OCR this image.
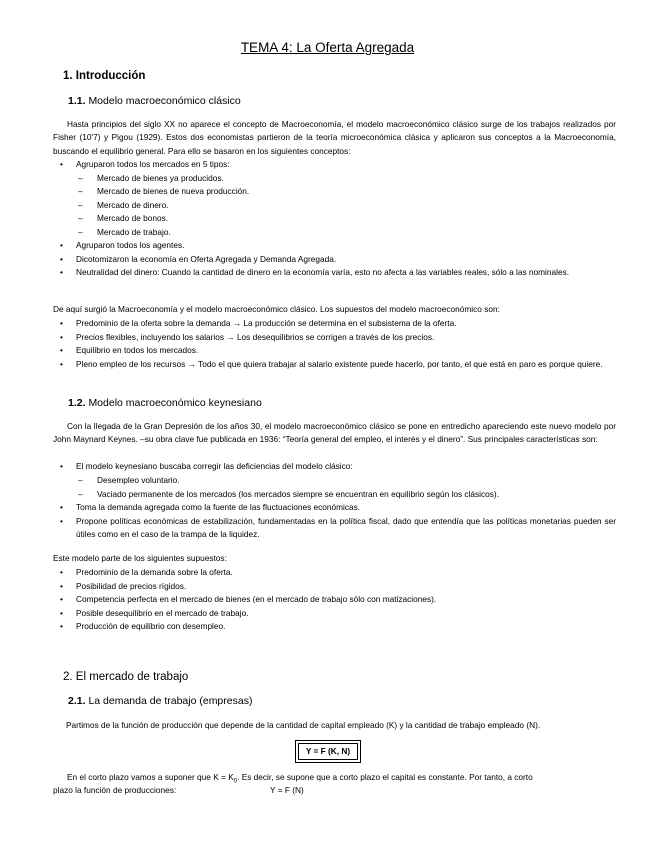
TEMA 4: La Oferta Agregada
1. Introducción
1.1. Modelo macroeconómico clásico
Hasta principios del siglo XX no aparece el concepto de Macroeconomía, el modelo macroeconómico clásico surge de los trabajos realizados por Fisher (10'7) y Pigou (1929). Estos dos economistas partieron de la teoría microeconómica clásica y aplicaron sus conceptos a la Macroeconomía, buscando el equilibrio general. Para ello se basaron en los siguientes conceptos:
• Agruparon todos los mercados en 5 tipos:
– Mercado de bienes ya producidos.
– Mercado de bienes de nueva producción.
– Mercado de dinero.
– Mercado de bonos.
– Mercado de trabajo.
• Agruparon todos los agentes.
• Dicotomizaron la economía en Oferta Agregada y Demanda Agregada.
• Neutralidad del dinero: Cuando la cantidad de dinero en la economía varía, esto no afecta a las variables reales, sólo a las nominales.
De aquí surgió la Macroeconomía y el modelo macroeconómico clásico. Los supuestos del modelo macroeconómico son:
• Predominio de la oferta sobre la demanda → La producción se determina en el subsistema de la oferta.
• Precios flexibles, incluyendo los salarios → Los desequilibrios se corrigen a través de los precios.
• Equilibrio en todos los mercados.
• Pleno empleo de los recursos → Todo el que quiera trabajar al salario existente puede hacerlo, por tanto, el que está en paro es porque quiere.
1.2. Modelo macroeconómico keynesiano
Con la llegada de la Gran Depresión de los años 30, el modelo macroeconómico clásico se pone en entredicho apareciendo este nuevo modelo por John Maynard Keynes. –su obra clave fue publicada en 1936: “Teoría general del empleo, el interés y el dinero”. Sus principales características son:
• El modelo keynesiano buscaba corregir las deficiencias del modelo clásico:
– Desempleo voluntario.
– Vaciado permanente de los mercados (los mercados siempre se encuentran en equilibrio según los clásicos).
• Toma la demanda agregada como la fuente de las fluctuaciones económicas.
• Propone políticas económicas de estabilización, fundamentadas en la política fiscal, dado que entendía que las políticas monetarias pueden ser útiles como en el caso de la trampa de la liquidez.
Este modelo parte de los siguientes supuestos:
• Predominio de la demanda sobre la oferta.
• Posibilidad de precios rígidos.
• Competencia perfecta en el mercado de bienes (en el mercado de trabajo sólo con matizaciones).
• Posible desequilibrio en el mercado de trabajo.
• Producción de equilibrio con desempleo.
2. El mercado de trabajo
2.1. La demanda de trabajo (empresas)
Partimos de la función de producción que depende de la cantidad de capital empleado (K) y la cantidad de trabajo empleado (N).
Y = F (K, N)
En el corto plazo vamos a suponer que $K = K_0$. Es decir, se supone que a corto plazo el capital es constante. Por tanto, a corto
plazo la función de producciones:	Y = F (N)
